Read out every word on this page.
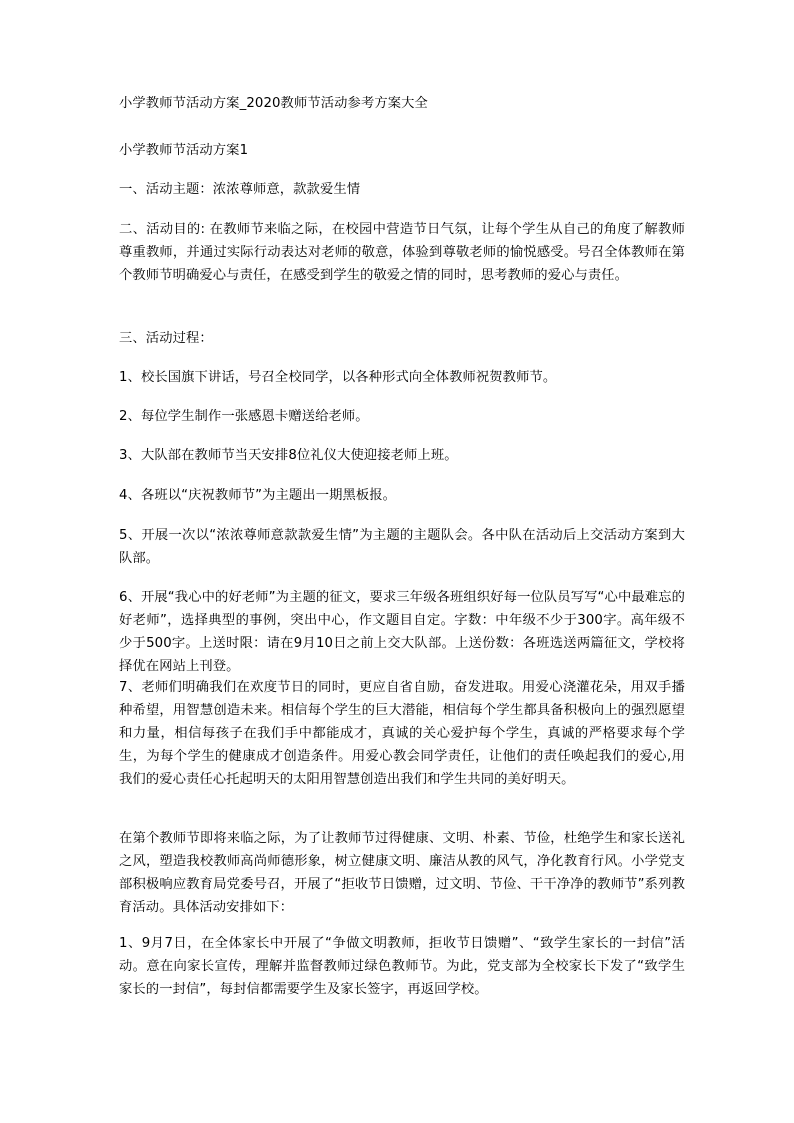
小学教师节活动方案_2020教师节活动参考方案大全

小学教师节活动方案1

一、活动主题：浓浓尊师意，款款爱生情

二、活动目的: 在教师节来临之际，在校园中营造节日气氛，让每个学生从自己的角度了解教师尊重教师，并通过实际行动表达对老师的敬意，体验到尊敬老师的愉悦感受。号召全体教师在第个教师节明确爱心与责任，在感受到学生的敬爱之情的同时，思考教师的爱心与责任。

三、活动过程：

1、校长国旗下讲话，号召全校同学，以各种形式向全体教师祝贺教师节。

2、每位学生制作一张感恩卡赠送给老师。

3、大队部在教师节当天安排8位礼仪大使迎接老师上班。

4、各班以“庆祝教师节”为主题出一期黑板报。

5、开展一次以“浓浓尊师意款款爱生情”为主题的主题队会。各中队在活动后上交活动方案到大队部。

6、开展“我心中的好老师”为主题的征文，要求三年级各班组织好每一位队员写写“心中最难忘的好老师”，选择典型的事例，突出中心，作文题目自定。字数：中年级不少于300字。高年级不少于500字。上送时限：请在9月10日之前上交大队部。上送份数：各班选送两篇征文，学校将择优在网站上刊登。

7、老师们明确我们在欢度节日的同时，更应自省自励，奋发进取。用爱心浇灌花朵，用双手播种希望，用智慧创造未来。相信每个学生的巨大潜能，相信每个学生都具备积极向上的强烈愿望和力量，相信每孩子在我们手中都能成才，真诚的关心爱护每个学生，真诚的严格要求每个学生，为每个学生的健康成才创造条件。用爱心教会同学责任，让他们的责任唤起我们的爱心,用我们的爱心责任心托起明天的太阳用智慧创造出我们和学生共同的美好明天。

在第个教师节即将来临之际，为了让教师节过得健康、文明、朴素、节俭，杜绝学生和家长送礼之风，塑造我校教师高尚师德形象，树立健康文明、廉洁从教的风气，净化教育行风。小学党支部积极响应教育局党委号召，开展了“拒收节日馈赠，过文明、节俭、干干净净的教师节”系列教育活动。具体活动安排如下：

1、9月7日，在全体家长中开展了“争做文明教师，拒收节日馈赠”、“致学生家长的一封信”活动。意在向家长宣传，理解并监督教师过绿色教师节。为此，党支部为全校家长下发了“致学生家长的一封信”，每封信都需要学生及家长签字，再返回学校。
